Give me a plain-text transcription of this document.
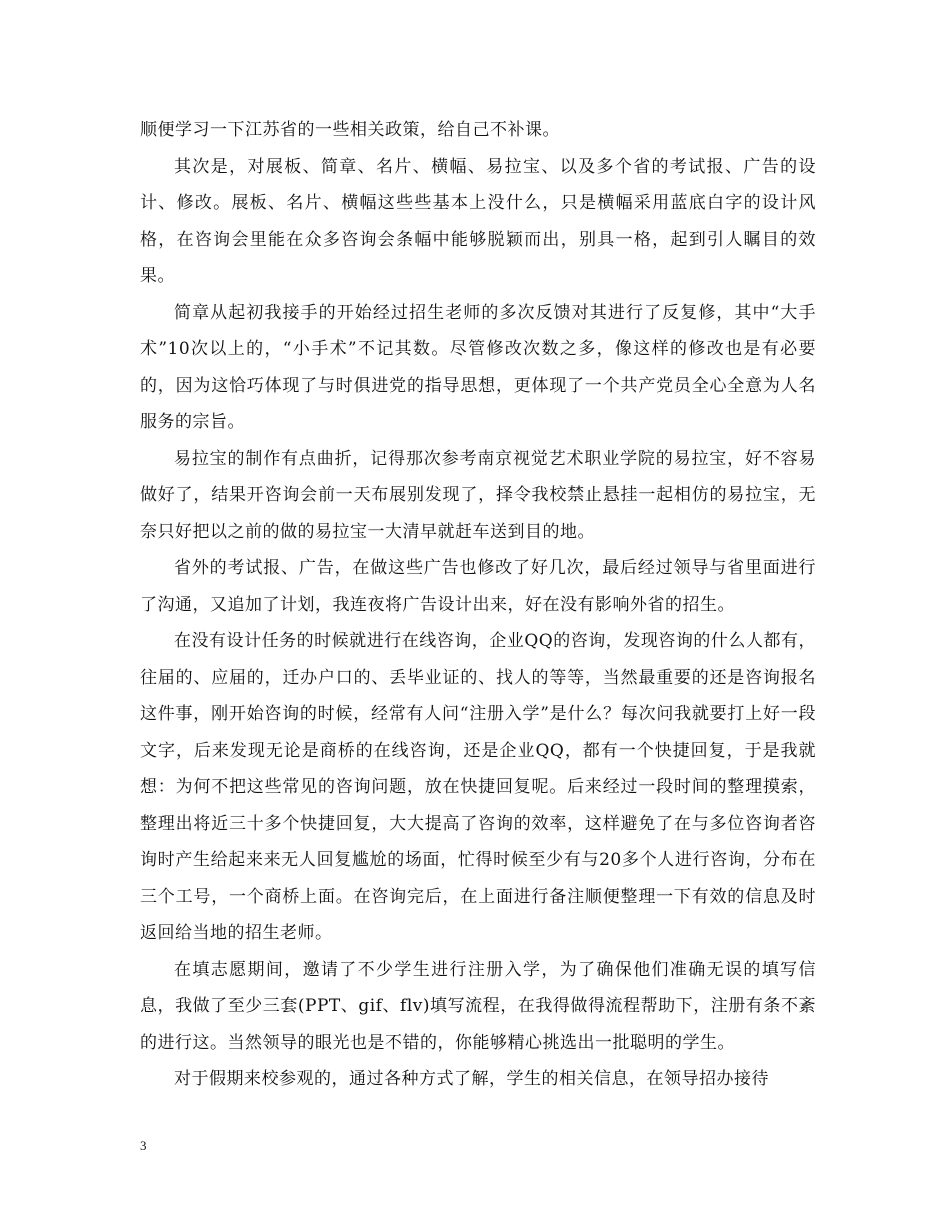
顺便学习一下江苏省的一些相关政策，给自己不补课。

其次是，对展板、简章、名片、横幅、易拉宝、以及多个省的考试报、广告的设计、修改。展板、名片、横幅这些些基本上没什么，只是横幅采用蓝底白字的设计风格，在咨询会里能在众多咨询会条幅中能够脱颖而出，别具一格，起到引人瞩目的效果。

简章从起初我接手的开始经过招生老师的多次反馈对其进行了反复修，其中“大手术”10次以上的，“小手术”不记其数。尽管修改次数之多，像这样的修改也是有必要的，因为这恰巧体现了与时俱进党的指导思想，更体现了一个共产党员全心全意为人名服务的宗旨。

易拉宝的制作有点曲折，记得那次参考南京视觉艺术职业学院的易拉宝，好不容易做好了，结果开咨询会前一天布展别发现了，择令我校禁止悬挂一起相仿的易拉宝，无奈只好把以之前的做的易拉宝一大清早就赶车送到目的地。

省外的考试报、广告，在做这些广告也修改了好几次，最后经过领导与省里面进行了沟通，又追加了计划，我连夜将广告设计出来，好在没有影响外省的招生。

在没有设计任务的时候就进行在线咨询，企业QQ的咨询，发现咨询的什么人都有，往届的、应届的，迁办户口的、丢毕业证的、找人的等等，当然最重要的还是咨询报名这件事，刚开始咨询的时候，经常有人问“注册入学”是什么？每次问我就要打上好一段文字，后来发现无论是商桥的在线咨询，还是企业QQ，都有一个快捷回复，于是我就想：为何不把这些常见的咨询问题，放在快捷回复呢。后来经过一段时间的整理摸索，整理出将近三十多个快捷回复，大大提高了咨询的效率，这样避免了在与多位咨询者咨询时产生给起来来无人回复尴尬的场面，忙得时候至少有与20多个人进行咨询，分布在三个工号，一个商桥上面。在咨询完后，在上面进行备注顺便整理一下有效的信息及时返回给当地的招生老师。

在填志愿期间，邀请了不少学生进行注册入学，为了确保他们准确无误的填写信息，我做了至少三套(PPT、gif、flv)填写流程，在我得做得流程帮助下，注册有条不紊的进行这。当然领导的眼光也是不错的，你能够精心挑选出一批聪明的学生。

对于假期来校参观的，通过各种方式了解，学生的相关信息，在领导招办接待

3
